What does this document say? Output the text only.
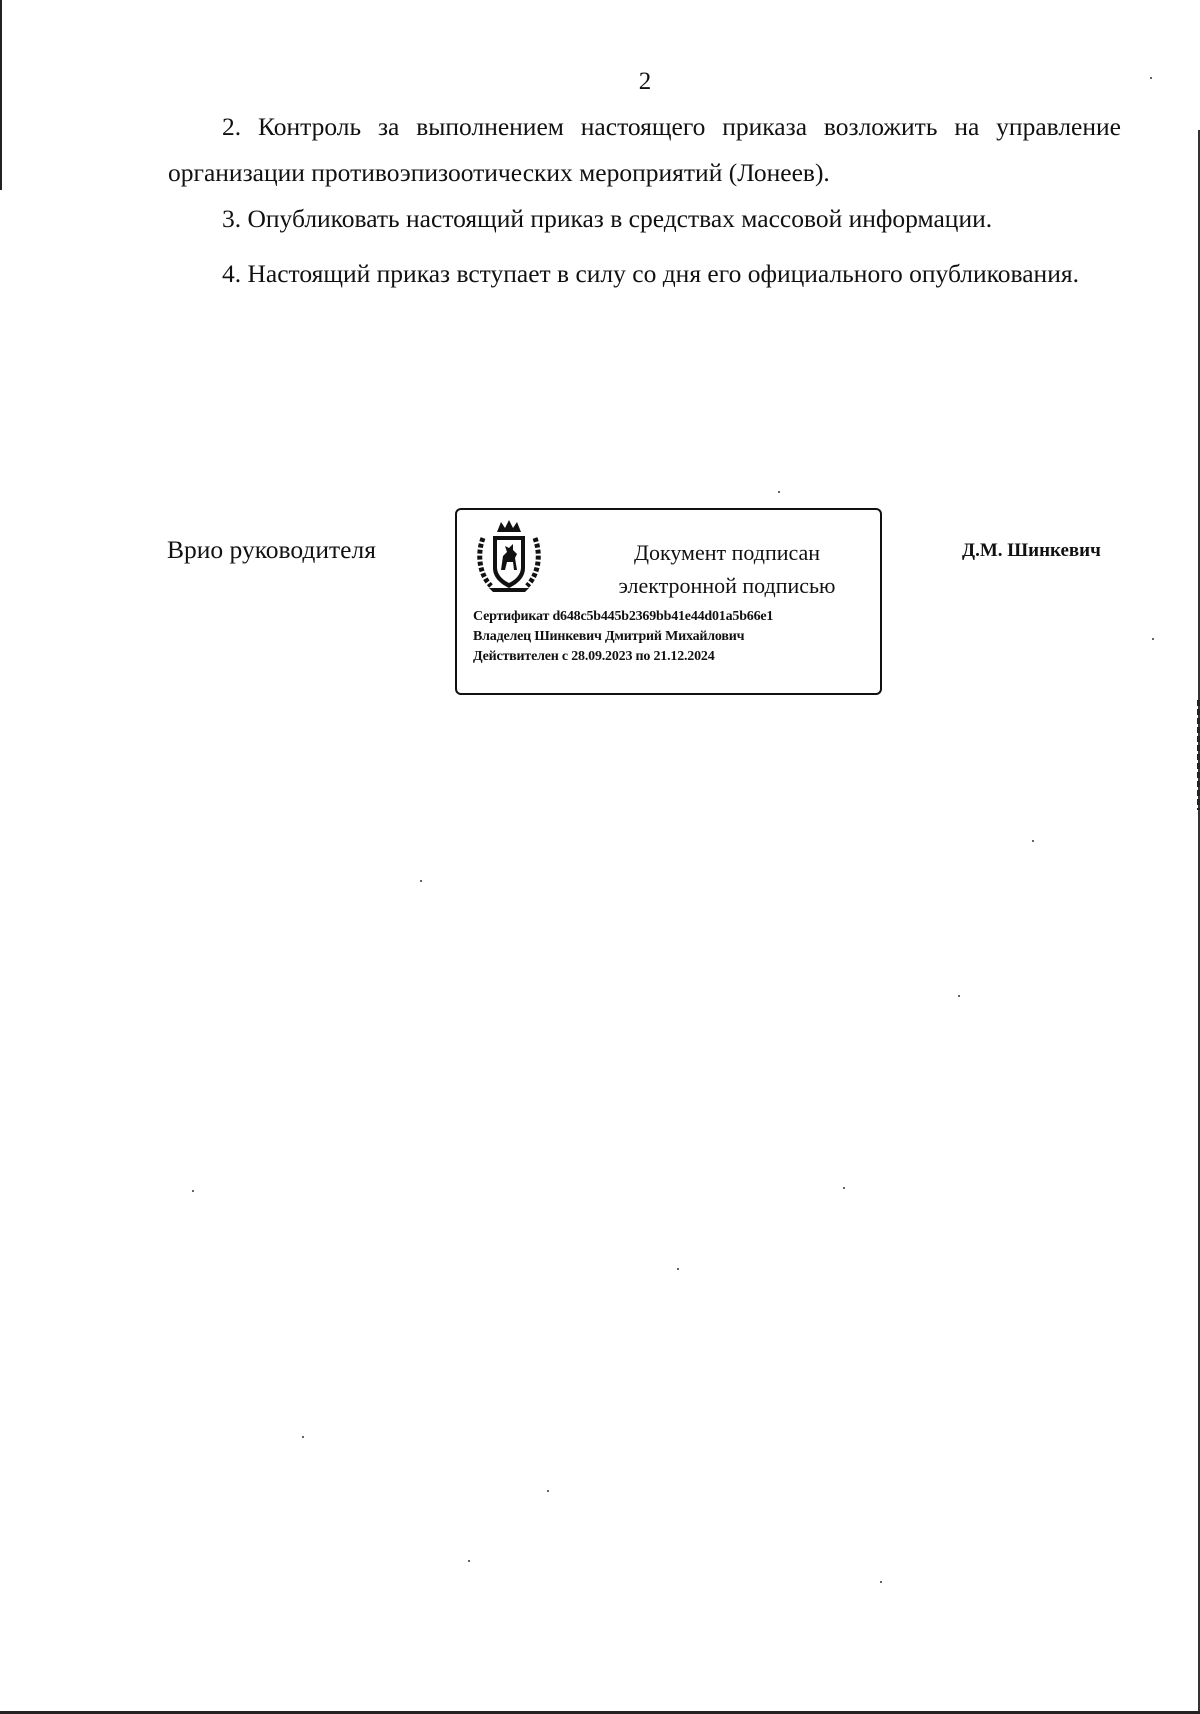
2
2. Контроль за выполнением настоящего приказа возложить на управление организации противоэпизоотических мероприятий (Лонеев).
3. Опубликовать настоящий приказ в средствах массовой информации.
4. Настоящий приказ вступает в силу со дня его официального опубликования.
Врио руководителя	Документ подписан
электронной подписью
Сертификат d648c5b445b2369bb41e44d01a5b66e1
Владелец Шинкевич Дмитрий Михайлович
Действителен с 28.09.2023 по 21.12.2024
Д.М. Шинкевич
